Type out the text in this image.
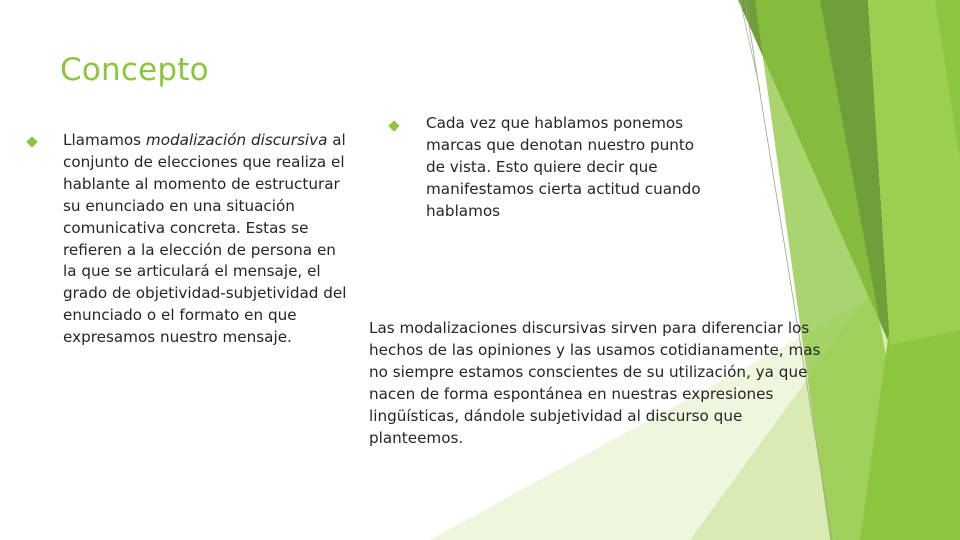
Concepto

Llamamos modalización discursiva al conjunto de elecciones que realiza el hablante al momento de estructurar su enunciado en una situación comunicativa concreta. Estas se refieren a la elección de persona en la que se articulará el mensaje, el grado de objetividad-subjetividad del enunciado o el formato en que expresamos nuestro mensaje.

Cada vez que hablamos ponemos marcas que denotan nuestro punto de vista. Esto quiere decir que manifestamos cierta actitud cuando hablamos

Las modalizaciones discursivas sirven para diferenciar los hechos de las opiniones y las usamos cotidianamente, mas no siempre estamos conscientes de su utilización, ya que nacen de forma espontánea en nuestras expresiones lingüísticas, dándole subjetividad al discurso que planteemos.
